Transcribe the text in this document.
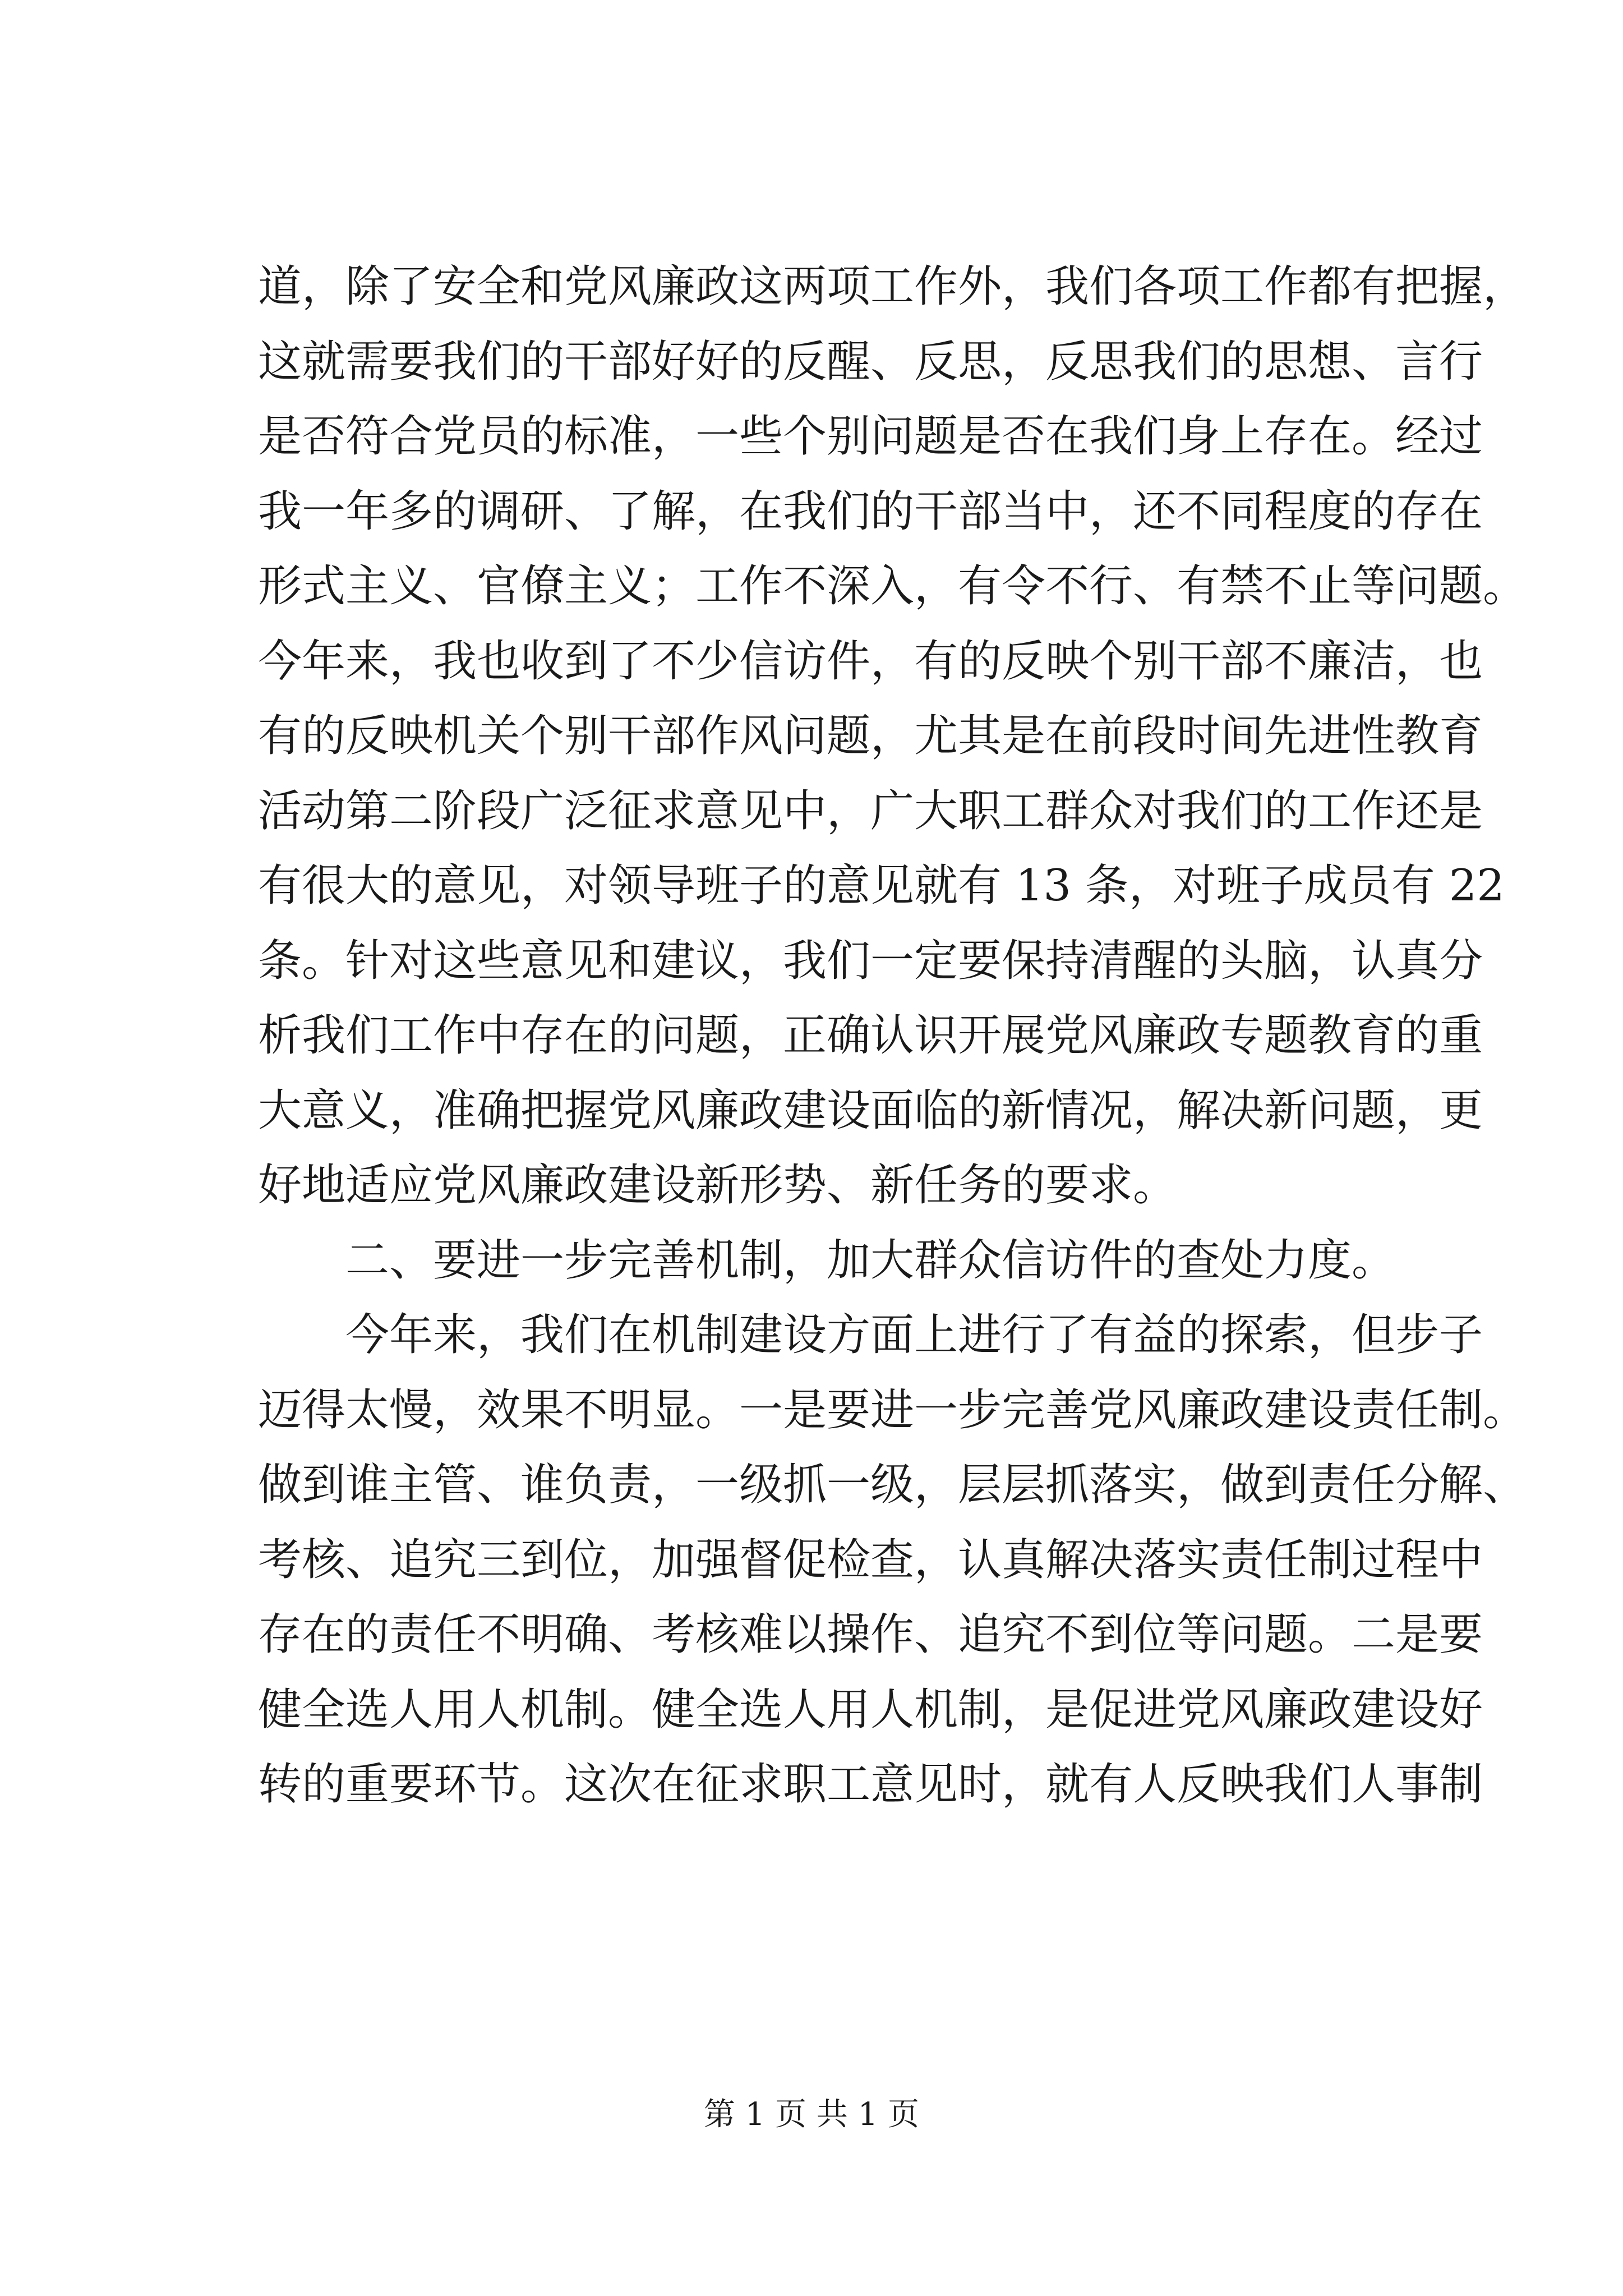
道，除了安全和党风廉政这两项工作外，我们各项工作都有把握，
这就需要我们的干部好好的反醒、反思，反思我们的思想、言行
是否符合党员的标准，一些个别问题是否在我们身上存在。经过
我一年多的调研、了解，在我们的干部当中，还不同程度的存在
形式主义、官僚主义；工作不深入，有令不行、有禁不止等问题。
今年来，我也收到了不少信访件，有的反映个别干部不廉洁，也
有的反映机关个别干部作风问题，尤其是在前段时间先进性教育
活动第二阶段广泛征求意见中，广大职工群众对我们的工作还是
有很大的意见，对领导班子的意见就有 13 条，对班子成员有 22
条。针对这些意见和建议，我们一定要保持清醒的头脑，认真分
析我们工作中存在的问题，正确认识开展党风廉政专题教育的重
大意义，准确把握党风廉政建设面临的新情况，解决新问题，更
好地适应党风廉政建设新形势、新任务的要求。
二、要进一步完善机制，加大群众信访件的查处力度。
今年来，我们在机制建设方面上进行了有益的探索，但步子
迈得太慢，效果不明显。一是要进一步完善党风廉政建设责任制。
做到谁主管、谁负责，一级抓一级，层层抓落实，做到责任分解、
考核、追究三到位，加强督促检查，认真解决落实责任制过程中
存在的责任不明确、考核难以操作、追究不到位等问题。二是要
健全选人用人机制。健全选人用人机制，是促进党风廉政建设好
转的重要环节。这次在征求职工意见时，就有人反映我们人事制
第 1 页 共 1 页
